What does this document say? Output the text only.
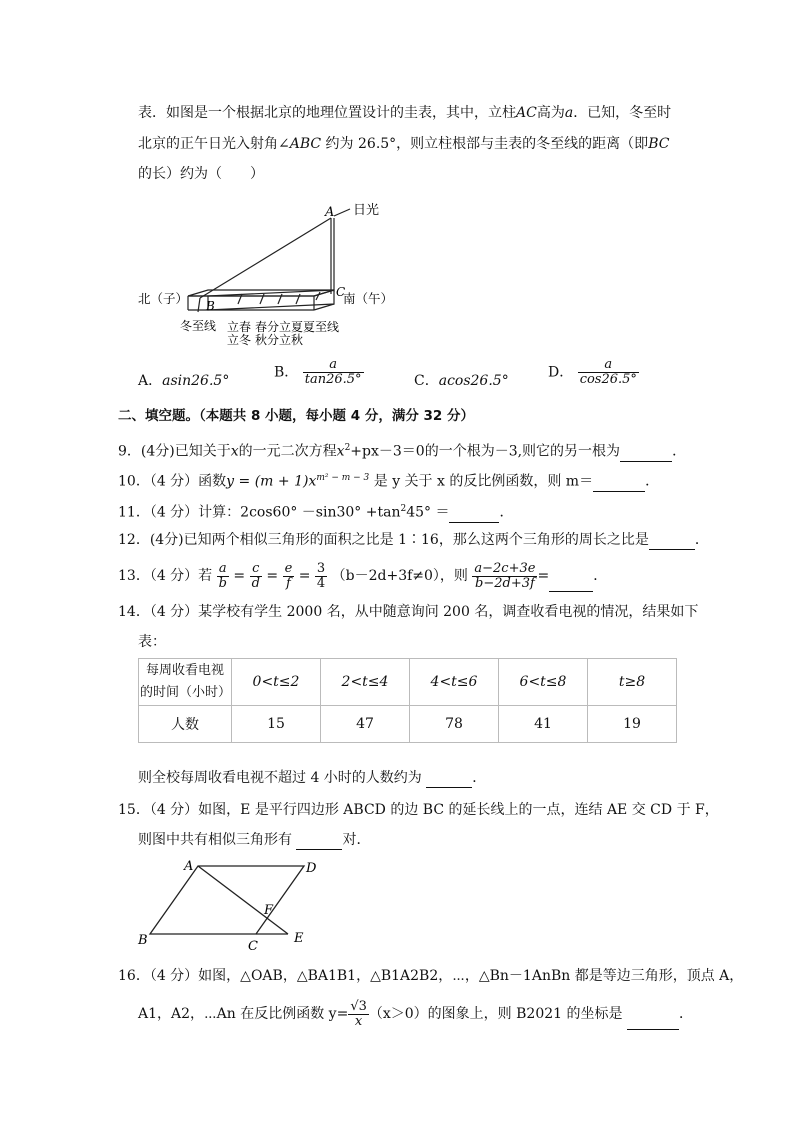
表．如图是一个根据北京的地理位置设计的圭表，其中，立柱AC高为a．已知，冬至时
北京的正午日光入射角∠ABC 约为 26.5°，则立柱根部与圭表的冬至线的距离（即BC
的长）约为（　　）
A 日光
B
C
北（子）	南（午）
冬至线 立春
立冬
春分
秋分
立夏
立秋
夏至线
A．asin26.5°
B． $\frac{a}{\tan 26.5^\circ}$	C．acos26.5°
D． $\frac{a}{\cos 26.5^\circ}$
二、填空题。（本题共 8 小题，每小题 4 分，满分 32 分）
9．(4分)已知关于x的一元二次方程$x^2+px-3=0$的一个根为－3,则它的另一根为	．
10．（4 分）函数$y = (m + 1)x^{m^2 - m - 3}$ 是 y 关于 x 的反比例函数，则 m＝	．
11．（4 分）计算：$2\cos 60^\circ -\sin 30^\circ +\tan^245^\circ$ ＝	．
12．(4分)已知两个相似三角形的面积之比是 1∶16，那么这两个三角形的周长之比是	．
13．（4 分）若 $\frac{a}{b} = \frac{c}{d} = \frac{e}{f} = \frac{3}{4} (b-2d+3f\ne 0)$，则 $\frac{a-2c+3e}{b-2d+3f}$ =	．
14．（4 分）某学校有学生 2000 名，从中随意询问 200 名，调查收看电视的情况，结果如下
表：
每周收看电视
的时间（小时）	0<t≤2	2<t≤4	4<t≤6	6<t≤8	t≥8
人数	15	47	78	41	19
则全校每周收看电视不超过 4 小时的人数约为	．
15．（4 分）如图，E 是平行四边形 ABCD 的边 BC 的延长线上的一点，连结 AE 交 CD 于 F，
则图中共有相似三角形有	对．
A	D
B	C
E
F
16．（4 分）如图，△OAB，△BA1B1，△B1A2B2，⋯，△Bn－1AnBn 都是等边三角形，顶点 A，
A1，A2，⋯An 在反比例函数 $y= \frac{√3}{x} (x>0)$的图象上，则 B2021 的坐标是	．
